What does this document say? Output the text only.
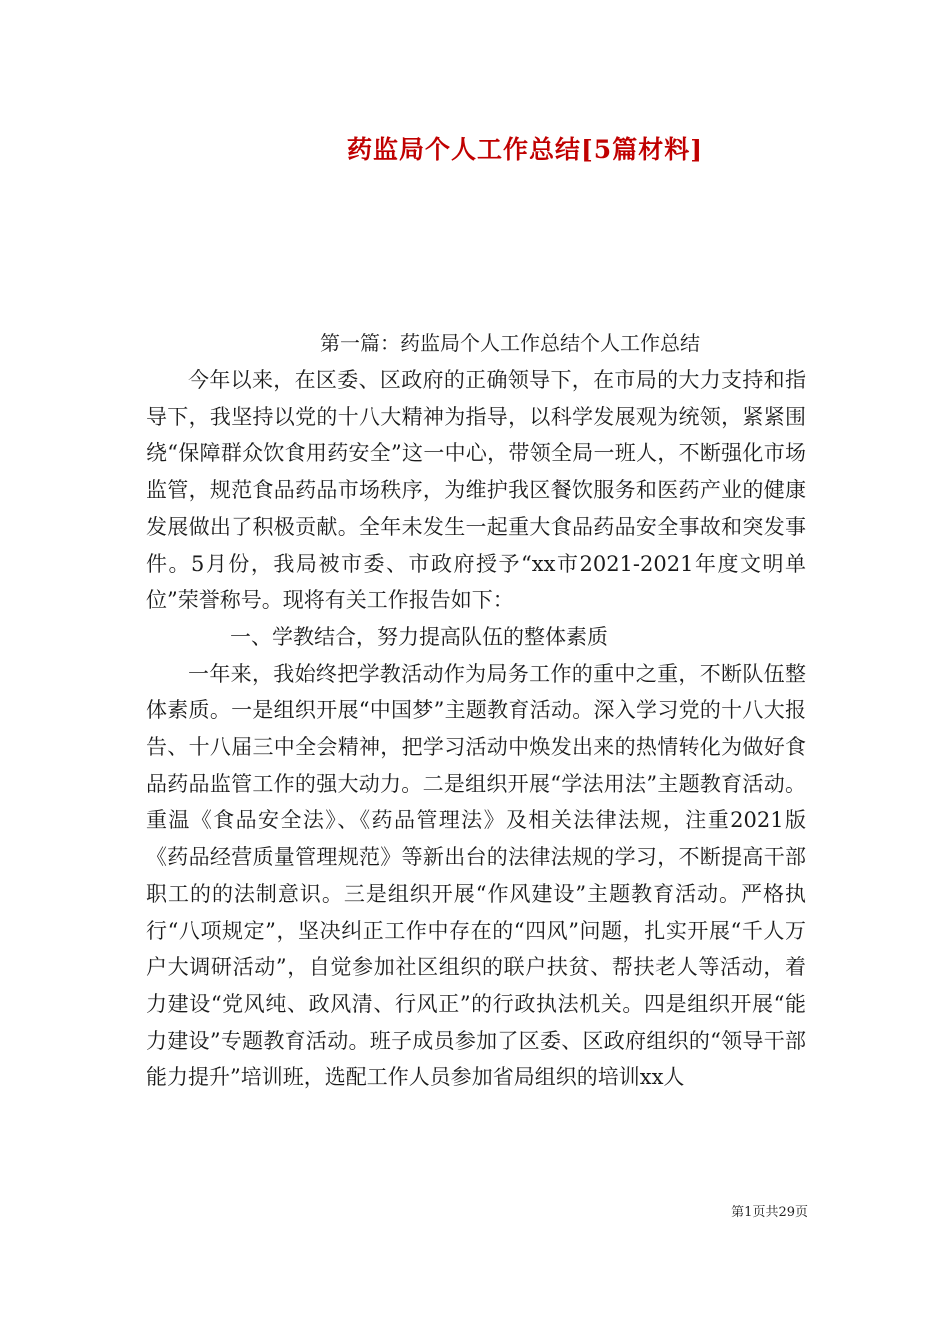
药监局个人工作总结[5篇材料]
第一篇：药监局个人工作总结个人工作总结

今年以来，在区委、区政府的正确领导下，在市局的大力支持和指导下，我坚持以党的十八大精神为指导，以科学发展观为统领，紧紧围绕“保障群众饮食用药安全”这一中心，带领全局一班人，不断强化市场监管，规范食品药品市场秩序，为维护我区餐饮服务和医药产业的健康发展做出了积极贡献。全年未发生一起重大食品药品安全事故和突发事件。5月份，我局被市委、市政府授予“xx市2021-2021年度文明单位”荣誉称号。现将有关工作报告如下：

一、学教结合，努力提高队伍的整体素质

一年来，我始终把学教活动作为局务工作的重中之重，不断队伍整体素质。一是组织开展“中国梦”主题教育活动。深入学习党的十八大报告、十八届三中全会精神，把学习活动中焕发出来的热情转化为做好食品药品监管工作的强大动力。二是组织开展“学法用法”主题教育活动。重温《食品安全法》、《药品管理法》及相关法律法规，注重2021版《药品经营质量管理规范》等新出台的法律法规的学习，不断提高干部职工的的法制意识。三是组织开展“作风建设”主题教育活动。严格执行“八项规定”，坚决纠正工作中存在的“四风”问题，扎实开展“千人万户大调研活动”，自觉参加社区组织的联户扶贫、帮扶老人等活动，着力建设“党风纯、政风清、行风正”的行政执法机关。四是组织开展“能力建设”专题教育活动。班子成员参加了区委、区政府组织的“领导干部能力提升”培训班，选配工作人员参加省局组织的培训xx人

第1页共29页
